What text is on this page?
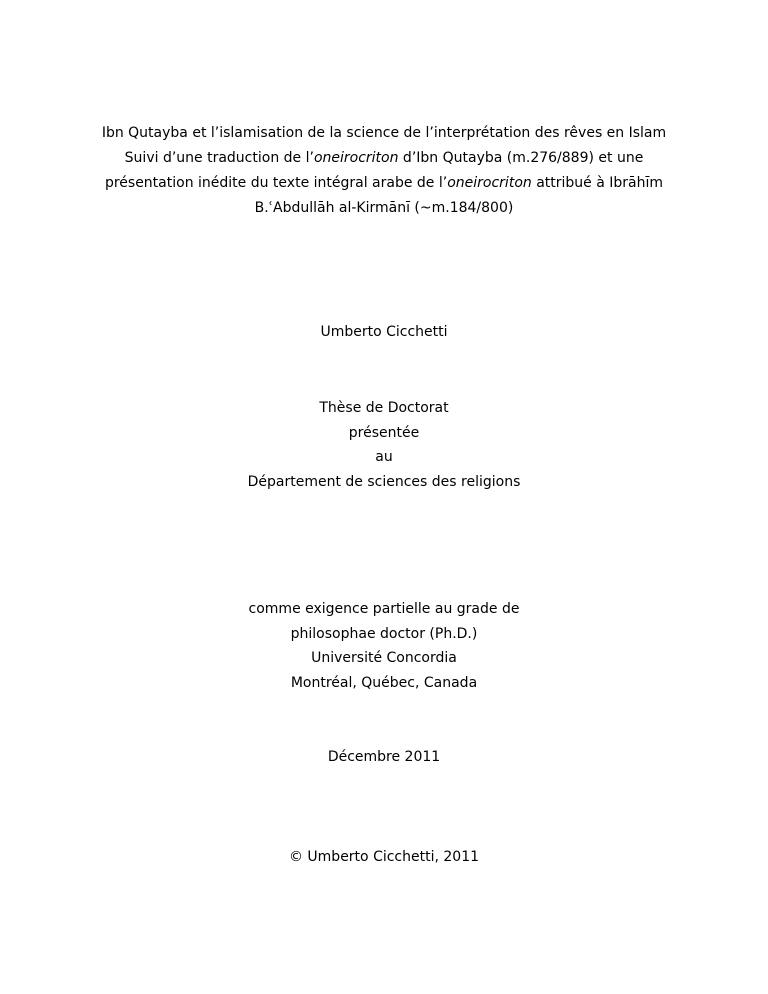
Ibn Qutayba et l’islamisation de la science de l’interprétation des rêves en Islam
Suivi d’une traduction de l’oneirocriton d’Ibn Qutayba (m.276/889) et une
présentation inédite du texte intégral arabe de l’oneirocriton attribué à Ibrāhīm
B.ʿAbdullāh al-Kirmānī (~m.184/800)
Umberto Cicchetti
Thèse de Doctorat
présentée
au
Département de sciences des religions
comme exigence partielle au grade de
philosophae doctor (Ph.D.)
Université Concordia
Montréal, Québec, Canada
Décembre 2011
© Umberto Cicchetti, 2011
